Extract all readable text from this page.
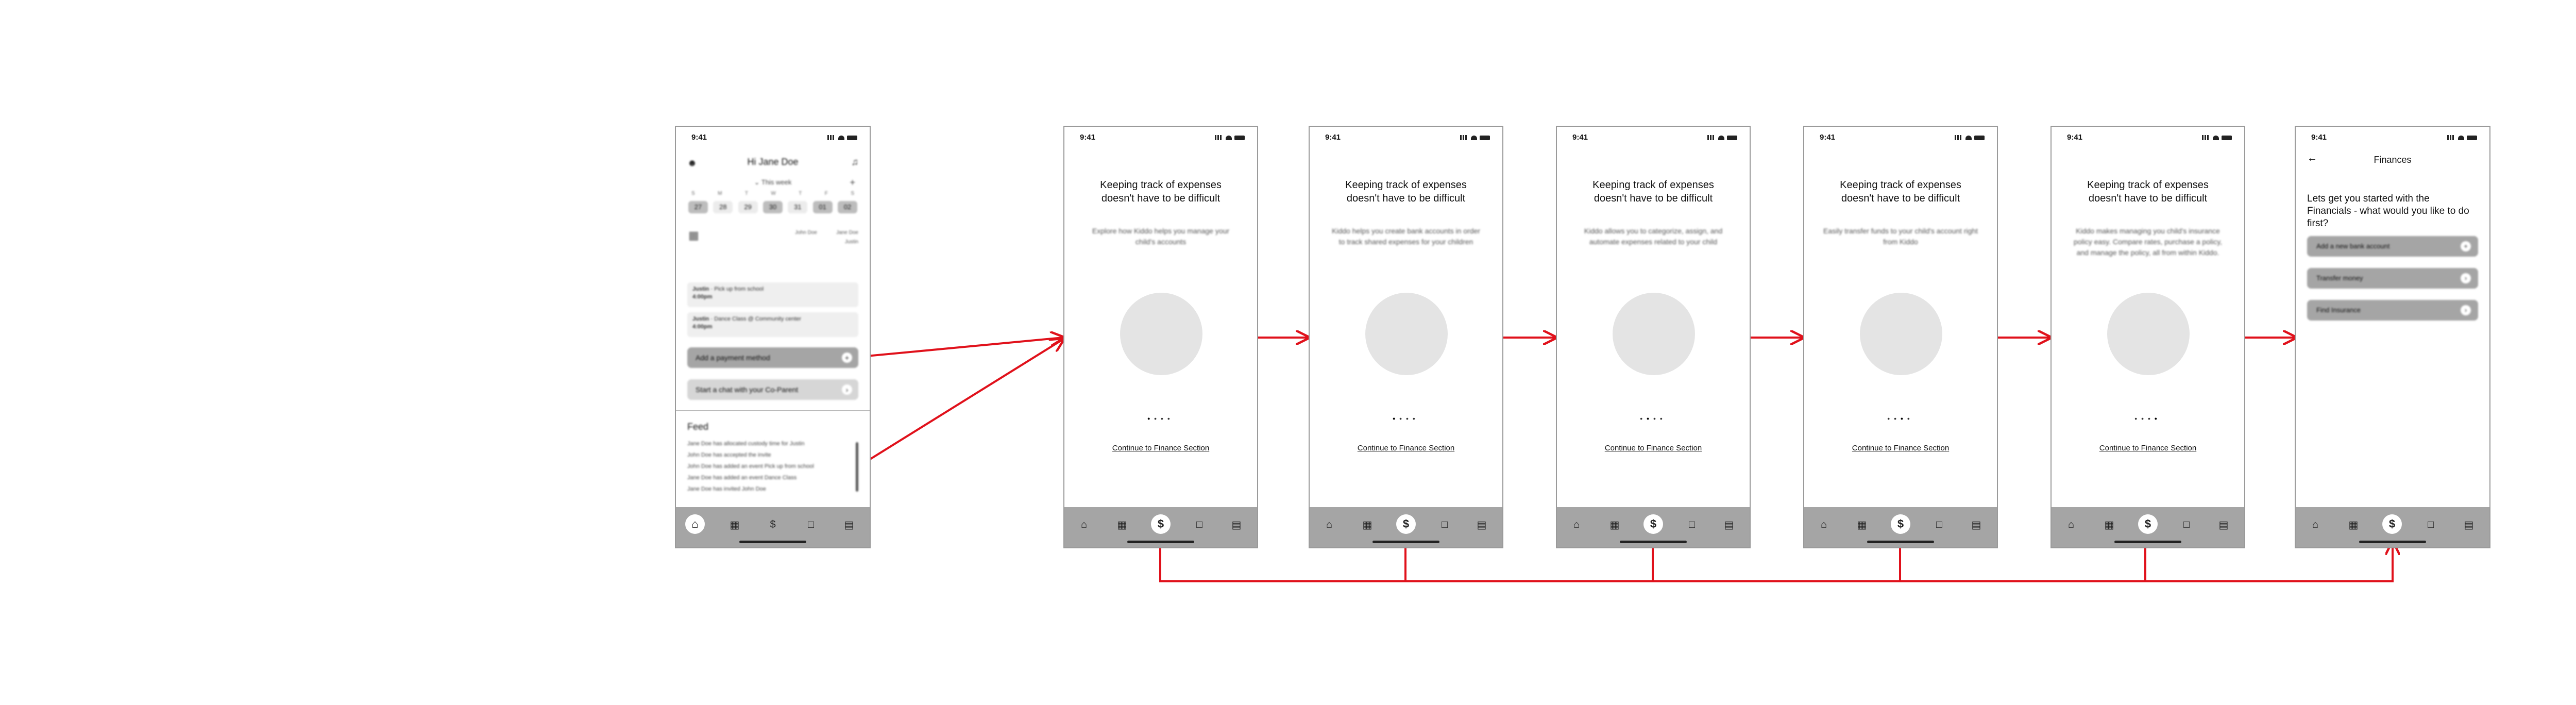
9:41
☻	Hi Jane Doe	♫
⌄ This week	+
S	M	T	W	T	F	S
27	28	29	30	31	01	02
▦	John Doe	Jane Doe
Justin
Justin · Pick up from school
4:00pm
Justin · Dance Class @ Community center
4:00pm
Add a payment method	+
Start a chat with your Co-Parent	›
Feed
Jane Doe has allocated custody time for Justin
John Doe has accepted the invite
John Doe has added an event Pick up from school
Jane Doe has added an event Dance Class
Jane Doe has invited John Doe
⌂	▦	$	□	▤
9:41
Keeping track of expenses doesn't have to be difficult
Explore how Kiddo helps you manage your child's accounts
••••
Continue to Finance Section
⌂	▦	$	□	▤
9:41
Keeping track of expenses doesn't have to be difficult
Kiddo helps you create bank accounts in order to track shared expenses for your children
••••
Continue to Finance Section
⌂	▦	$	□	▤
9:41
Keeping track of expenses doesn't have to be difficult
Kiddo allows you to categorize, assign, and automate expenses related to your child
••••
Continue to Finance Section
⌂	▦	$	□	▤
9:41
Keeping track of expenses doesn't have to be difficult
Easily transfer funds to your child's account right from Kiddo
••••
Continue to Finance Section
⌂	▦	$	□	▤
9:41
Keeping track of expenses doesn't have to be difficult
Kiddo makes managing you child's insurance policy easy. Compare rates, purchase a policy, and manage the policy, all from within Kiddo.
••••
Continue to Finance Section
⌂	▦	$	□	▤
9:41
←	Finances
Lets get you started with the Financials - what would you like to do first?
Add a new bank account	+
Transfer money	›
Find Insurance	›
⌂	▦	$	□	▤
